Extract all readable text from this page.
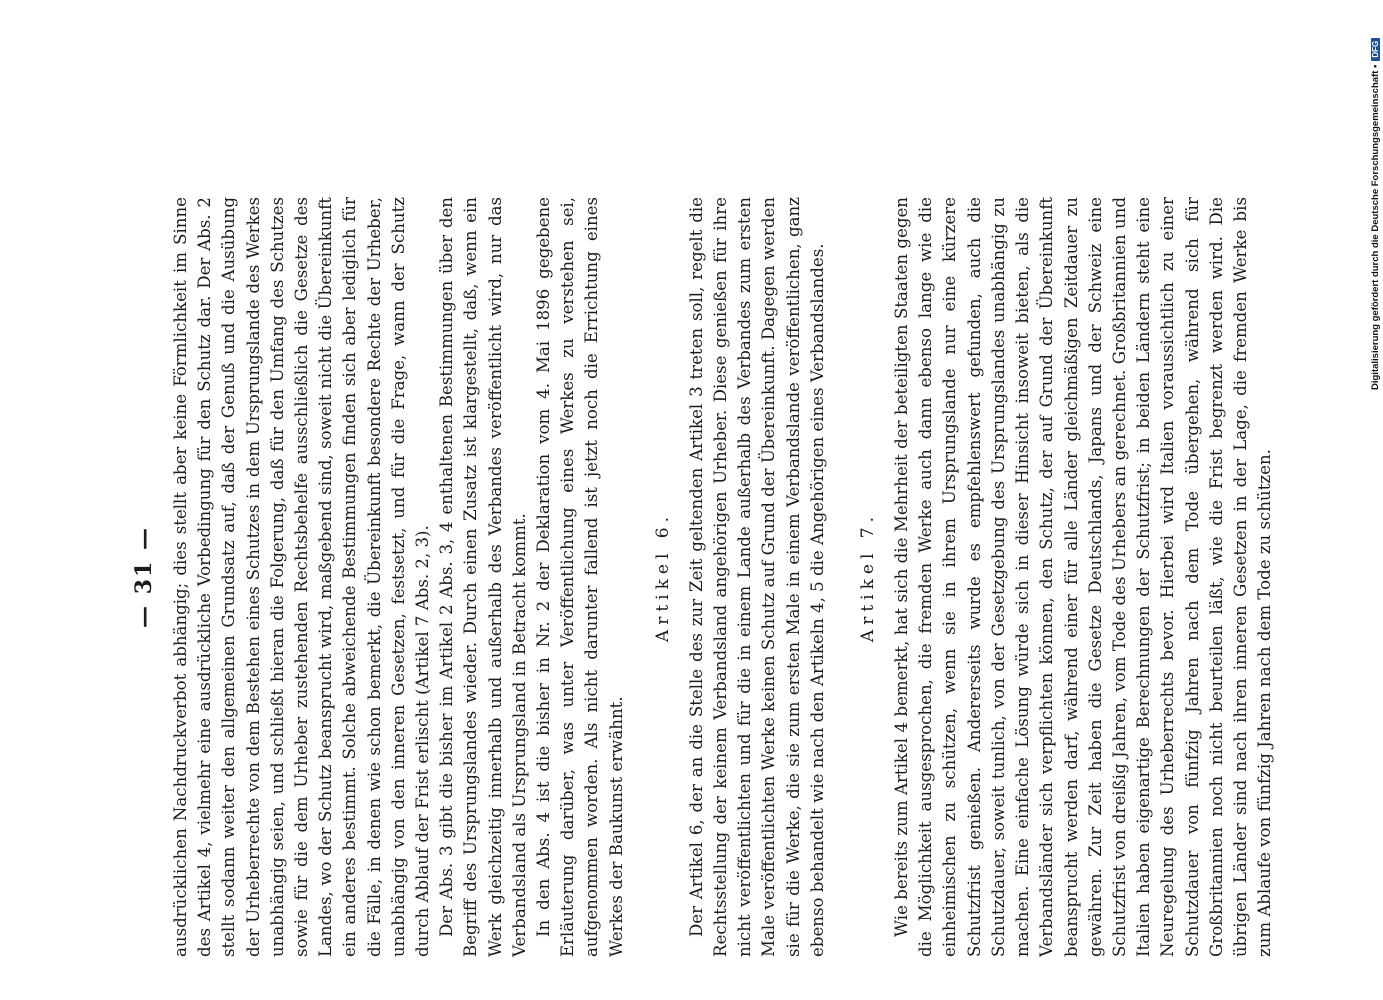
— 31 — ausdrücklichen Nachdruckverbot abhängig; dies stellt aber keine Förmlichkeit im Sinne des Artikel 4, vielmehr eine ausdrückliche Vorbedingung für den Schutz dar. Der Abs. 2 stellt sodann weiter den allgemeinen Grundsatz auf, daß der Genuß und die Ausübung der Urheberrechte von dem Bestehen eines Schutzes in dem Ursprungslande des Werkes unabhängig seien, und schließt hieran die Folgerung, daß für den Umfang des Schutzes sowie für die dem Urheber zustehenden Rechtsbehelfe ausschließlich die Gesetze des Landes, wo der Schutz beansprucht wird, maßgebend sind, soweit nicht die Übereinkunft ein anderes bestimmt. Solche abweichende Bestimmungen finden sich aber lediglich für die Fälle, in denen wie schon bemerkt, die Übereinkunft besondere Rechte der Urheber, unabhängig von den inneren Gesetzen, festsetzt, und für die Frage, wann der Schutz durch Ablauf der Frist erlischt (Artikel 7 Abs. 2, 3). Der Abs. 3 gibt die bisher im Artikel 2 Abs. 3, 4 enthaltenen Bestimmungen über den Begriff des Ursprungslandes wieder. Durch einen Zusatz ist klargestellt, daß, wenn ein Werk gleichzeitig innerhalb und außerhalb des Verbandes veröffentlicht wird, nur das Verbandsland als Ursprungsland in Betracht kommt. In den Abs. 4 ist die bisher in Nr. 2 der Deklaration vom 4. Mai 1896 gegebene Erläuterung darüber, was unter Veröffentlichung eines Werkes zu verstehen sei, aufgenommen worden. Als nicht darunter fallend ist jetzt noch die Errichtung eines Werkes der Baukunst erwähnt.

Artikel 6. Der Artikel 6, der an die Stelle des zur Zeit geltenden Artikel 3 treten soll, regelt die Rechtsstellung der keinem Verbandsland angehörigen Urheber. Diese genießen für ihre nicht veröffentlichten und für die in einem Lande außerhalb des Verbandes zum ersten Male veröffentlichten Werke keinen Schutz auf Grund der Übereinkunft. Dagegen werden sie für die Werke, die sie zum ersten Male in einem Verbandslande veröffentlichen, ganz ebenso behandelt wie nach den Artikeln 4, 5 die Angehörigen eines Verbandslandes. Artikel 7. Wie bereits zum Artikel 4 bemerkt, hat sich die Mehrheit der beteiligten Staaten gegen die Möglichkeit ausgesprochen, die fremden Werke auch dann ebenso lange wie die einheimischen zu schützen, wenn sie in ihrem Ursprungslande nur eine kürzere Schutzfrist genießen. Andererseits wurde es empfehlenswert gefunden, auch die Schutzdauer, soweit tunlich, von der Gesetzgebung des Ursprungslandes unabhängig zu machen. Eine einfache Lösung würde sich in dieser Hinsicht insoweit bieten, als die Verbandsländer sich verpflichten können, den Schutz, der auf Grund der Übereinkunft beansprucht werden darf, während einer für alle Länder gleichmäßigen Zeitdauer zu gewähren. Zur Zeit haben die Gesetze Deutschlands, Japans und der Schweiz eine Schutzfrist von dreißig Jahren, vom Tode des Urhebers an gerechnet. Großbritannien und Italien haben eigenartige Berechnungen der Schutzfrist; in beiden Ländern steht eine Neuregelung des Urheberrechts bevor. Hierbei wird Italien voraussichtlich zu einer Schutzdauer von fünfzig Jahren nach dem Tode übergehen, während sich für Großbritannien noch nicht beurteilen läßt, wie die Frist begrenzt werden wird. Die übrigen Länder sind nach ihren inneren Gesetzen in der Lage, die fremden Werke bis zum Ablaufe von fünfzig Jahren nach dem Tode zu schützen.

Digitalisierung gefördert durch die Deutsche Forschungsgemeinschaft •DFG
